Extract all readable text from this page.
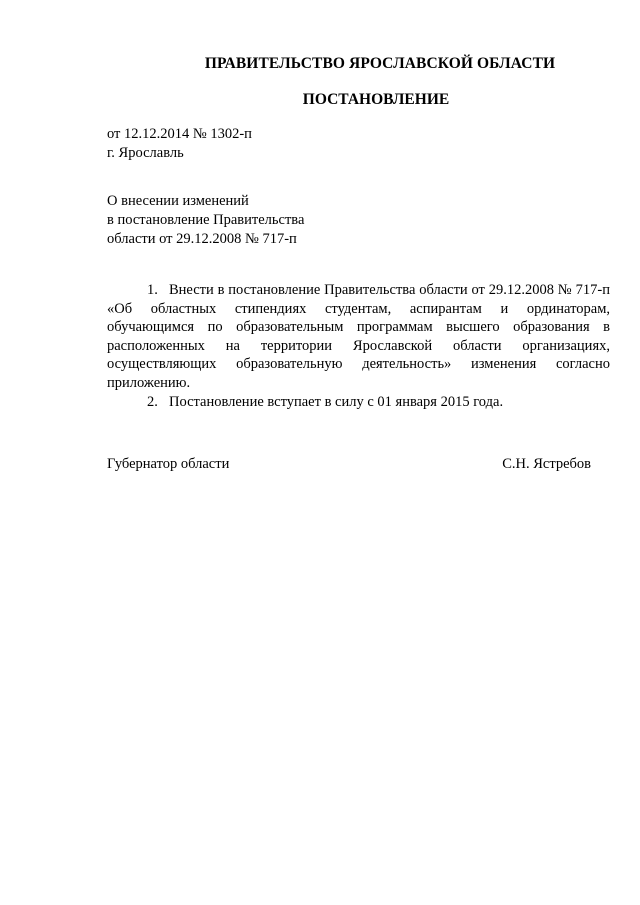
ПРАВИТЕЛЬСТВО ЯРОСЛАВСКОЙ ОБЛАСТИ
ПОСТАНОВЛЕНИЕ
от 12.12.2014 № 1302-п
г. Ярославль
О внесении изменений
в постановление Правительства
области от 29.12.2008 № 717-п

1. Внести в постановление Правительства области от 29.12.2008 № 717-п «Об областных стипендиях студентам, аспирантам и ординаторам, обучающимся по образовательным программам высшего образования в расположенных на территории Ярославской области организациях, осуществляющих образовательную деятельность» изменения согласно приложению.

2. Постановление вступает в силу с 01 января 2015 года.

Губернатор области	С.Н. Ястребов
